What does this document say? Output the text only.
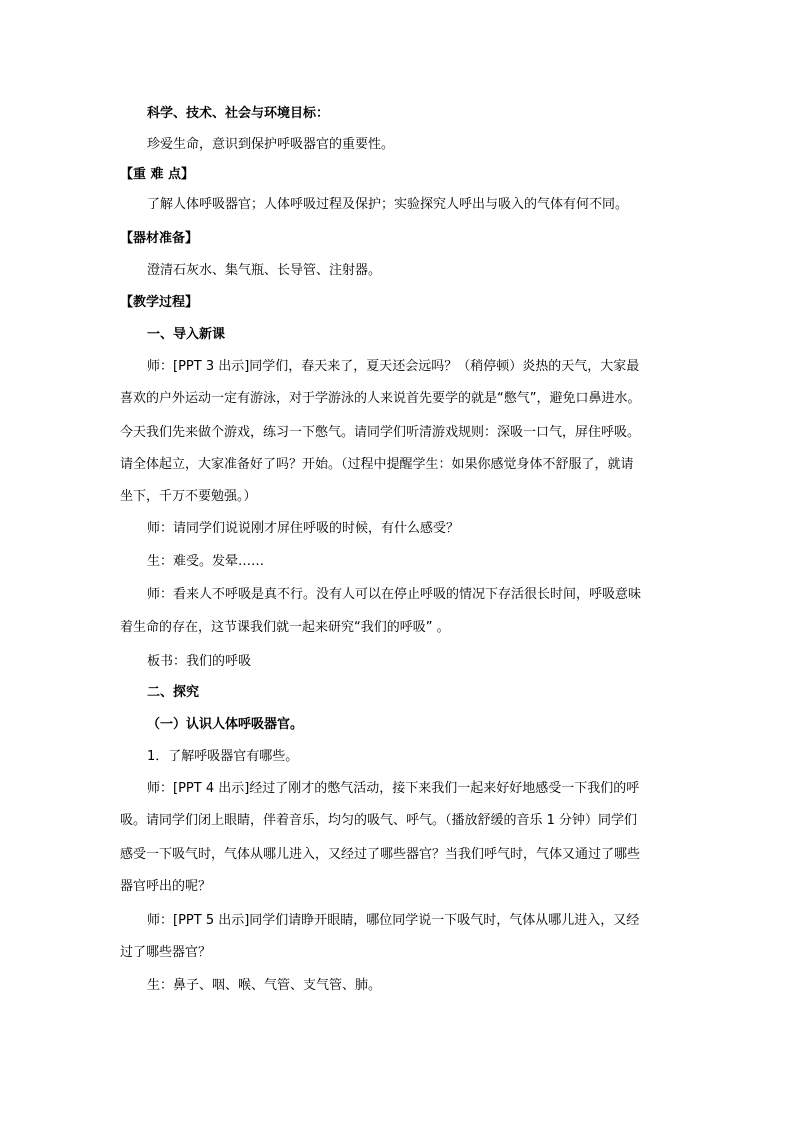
科学、技术、社会与环境目标：
珍爱生命，意识到保护呼吸器官的重要性。
【重 难 点】
了解人体呼吸器官；人体呼吸过程及保护；实验探究人呼出与吸入的气体有何不同。
【器材准备】
澄清石灰水、集气瓶、长导管、注射器。
【教学过程】
一、导入新课
师：[PPT 3 出示]同学们，春天来了，夏天还会远吗？（稍停顿）炎热的天气，大家最
喜欢的户外运动一定有游泳，对于学游泳的人来说首先要学的就是“憋气”，避免口鼻进水。
今天我们先来做个游戏，练习一下憋气。请同学们听清游戏规则：深吸一口气，屏住呼吸。
请全体起立，大家准备好了吗？开始。（过程中提醒学生：如果你感觉身体不舒服了，就请
坐下，千万不要勉强。）
师：请同学们说说刚才屏住呼吸的时候，有什么感受？
生：难受。发晕……
师：看来人不呼吸是真不行。没有人可以在停止呼吸的情况下存活很长时间，呼吸意味
着生命的存在，这节课我们就一起来研究“我们的呼吸” 。
板书：我们的呼吸
二、探究
（一）认识人体呼吸器官。
1．了解呼吸器官有哪些。
师：[PPT 4 出示]经过了刚才的憋气活动，接下来我们一起来好好地感受一下我们的呼
吸。请同学们闭上眼睛，伴着音乐，均匀的吸气、呼气。（播放舒缓的音乐 1 分钟）同学们
感受一下吸气时，气体从哪儿进入，又经过了哪些器官？当我们呼气时，气体又通过了哪些
器官呼出的呢？
师：[PPT 5 出示]同学们请睁开眼睛，哪位同学说一下吸气时，气体从哪儿进入，又经
过了哪些器官？
生：鼻子、咽、喉、气管、支气管、肺。
